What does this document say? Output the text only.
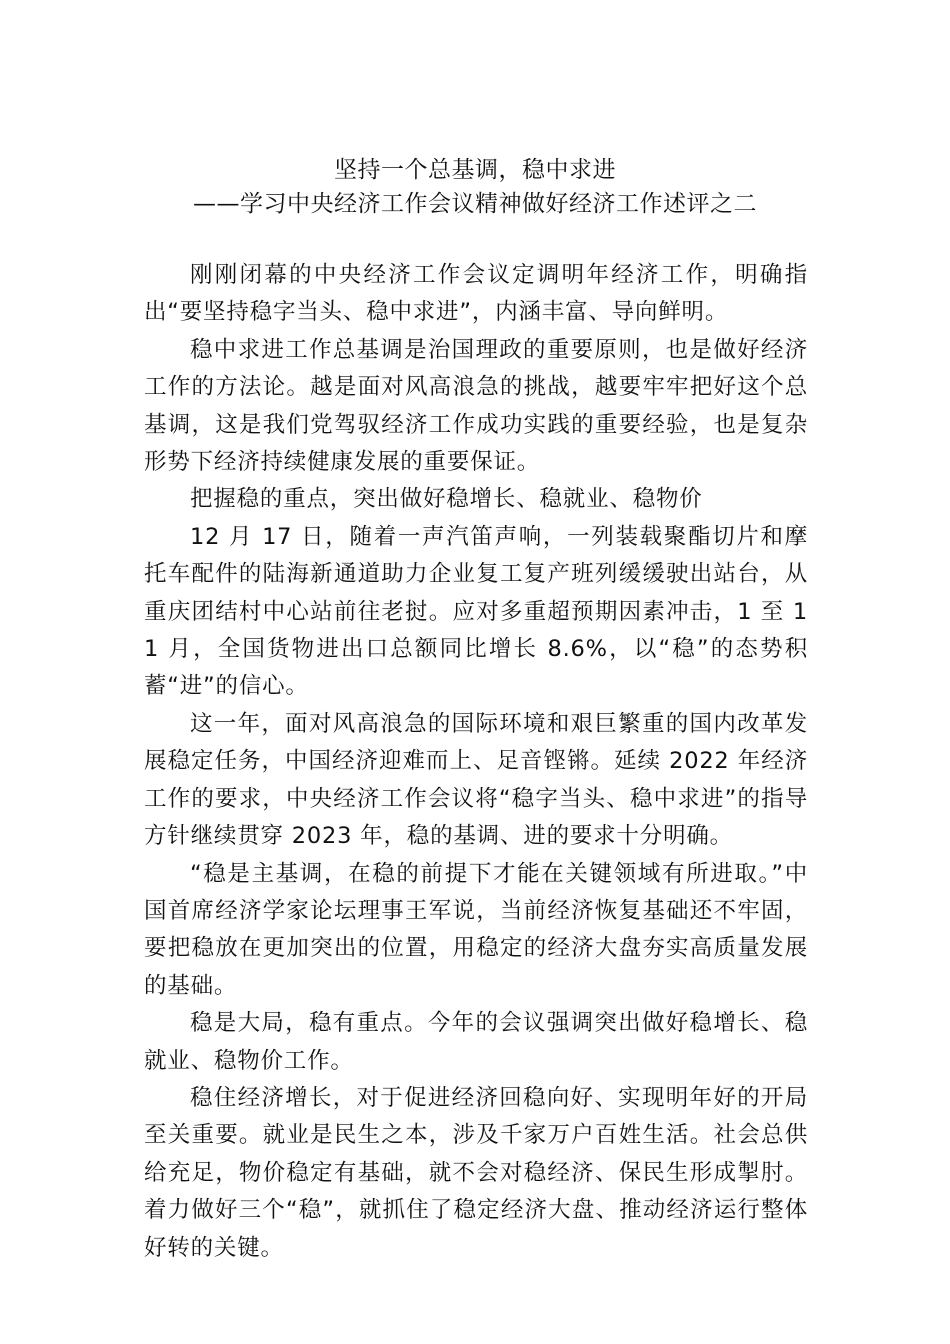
坚持一个总基调，稳中求进
——学习中央经济工作会议精神做好经济工作述评之二

刚刚闭幕的中央经济工作会议定调明年经济工作，明确指出“要坚持稳字当头、稳中求进”，内涵丰富、导向鲜明。

稳中求进工作总基调是治国理政的重要原则，也是做好经济工作的方法论。越是面对风高浪急的挑战，越要牢牢把好这个总基调，这是我们党驾驭经济工作成功实践的重要经验，也是复杂形势下经济持续健康发展的重要保证。

把握稳的重点，突出做好稳增长、稳就业、稳物价

12 月 17 日，随着一声汽笛声响，一列装载聚酯切片和摩托车配件的陆海新通道助力企业复工复产班列缓缓驶出站台，从重庆团结村中心站前往老挝。应对多重超预期因素冲击，1 至 11 月，全国货物进出口总额同比增长 8.6%，以“稳”的态势积蓄“进”的信心。

这一年，面对风高浪急的国际环境和艰巨繁重的国内改革发展稳定任务，中国经济迎难而上、足音铿锵。延续 2022 年经济工作的要求，中央经济工作会议将“稳字当头、稳中求进”的指导方针继续贯穿 2023 年，稳的基调、进的要求十分明确。

“稳是主基调，在稳的前提下才能在关键领域有所进取。”中国首席经济学家论坛理事王军说，当前经济恢复基础还不牢固，要把稳放在更加突出的位置，用稳定的经济大盘夯实高质量发展的基础。

稳是大局，稳有重点。今年的会议强调突出做好稳增长、稳就业、稳物价工作。

稳住经济增长，对于促进经济回稳向好、实现明年好的开局至关重要。就业是民生之本，涉及千家万户百姓生活。社会总供给充足，物价稳定有基础，就不会对稳经济、保民生形成掣肘。着力做好三个“稳”，就抓住了稳定经济大盘、推动经济运行整体好转的关键。
